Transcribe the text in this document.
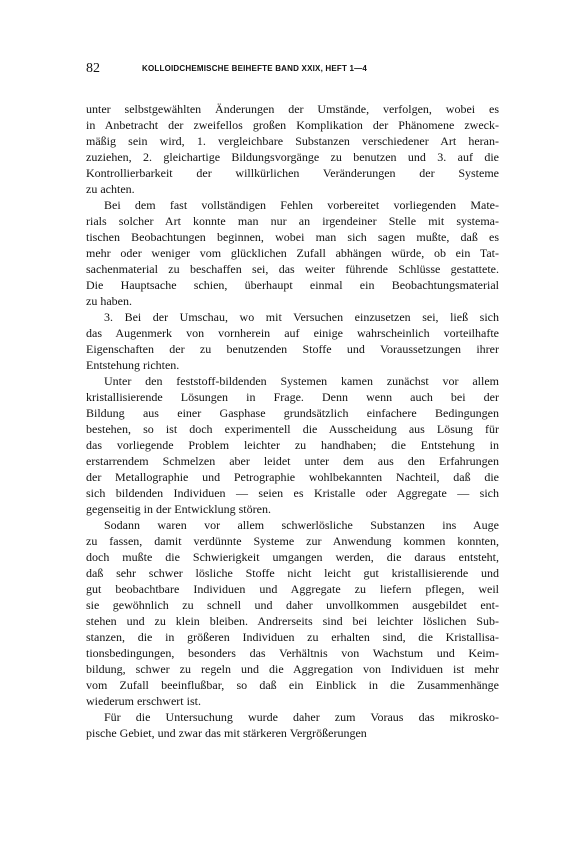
82	KOLLOIDCHEMISCHE BEIHEFTE BAND XXIX, HEFT 1—4
unter selbstgewählten Änderungen der Umstände, verfolgen, wobei es
in Anbetracht der zweifellos großen Komplikation der Phänomene zweck-
mäßig sein wird, 1. vergleichbare Substanzen verschiedener Art heran-
zuziehen, 2. gleichartige Bildungsvorgänge zu benutzen und 3. auf die
Kontrollierbarkeit der willkürlichen Veränderungen der Systeme
zu achten.
Bei dem fast vollständigen Fehlen vorbereitet vorliegenden Mate-
rials solcher Art konnte man nur an irgendeiner Stelle mit systema-
tischen Beobachtungen beginnen, wobei man sich sagen mußte, daß es
mehr oder weniger vom glücklichen Zufall abhängen würde, ob ein Tat-
sachenmaterial zu beschaffen sei, das weiter führende Schlüsse gestattete.
Die Hauptsache schien, überhaupt einmal ein Beobachtungsmaterial
zu haben.
3. Bei der Umschau, wo mit Versuchen einzusetzen sei, ließ sich
das Augenmerk von vornherein auf einige wahrscheinlich vorteilhafte
Eigenschaften der zu benutzenden Stoffe und Voraussetzungen ihrer
Entstehung richten.
Unter den feststoff-bildenden Systemen kamen zunächst vor allem
kristallisierende Lösungen in Frage. Denn wenn auch bei der
Bildung aus einer Gasphase grundsätzlich einfachere Bedingungen
bestehen, so ist doch experimentell die Ausscheidung aus Lösung für
das vorliegende Problem leichter zu handhaben; die Entstehung in
erstarrendem Schmelzen aber leidet unter dem aus den Erfahrungen
der Metallographie und Petrographie wohlbekannten Nachteil, daß die
sich bildenden Individuen — seien es Kristalle oder Aggregate — sich
gegenseitig in der Entwicklung stören.
Sodann waren vor allem schwerlösliche Substanzen ins Auge
zu fassen, damit verdünnte Systeme zur Anwendung kommen konnten,
doch mußte die Schwierigkeit umgangen werden, die daraus entsteht,
daß sehr schwer lösliche Stoffe nicht leicht gut kristallisierende und
gut beobachtbare Individuen und Aggregate zu liefern pflegen, weil
sie gewöhnlich zu schnell und daher unvollkommen ausgebildet ent-
stehen und zu klein bleiben. Andrerseits sind bei leichter löslichen Sub-
stanzen, die in größeren Individuen zu erhalten sind, die Kristallisa-
tionsbedingungen, besonders das Verhältnis von Wachstum und Keim-
bildung, schwer zu regeln und die Aggregation von Individuen ist mehr
vom Zufall beeinflußbar, so daß ein Einblick in die Zusammenhänge
wiederum erschwert ist.
Für die Untersuchung wurde daher zum Voraus das mikrosko-
pische Gebiet, und zwar das mit stärkeren Vergrößerungen
